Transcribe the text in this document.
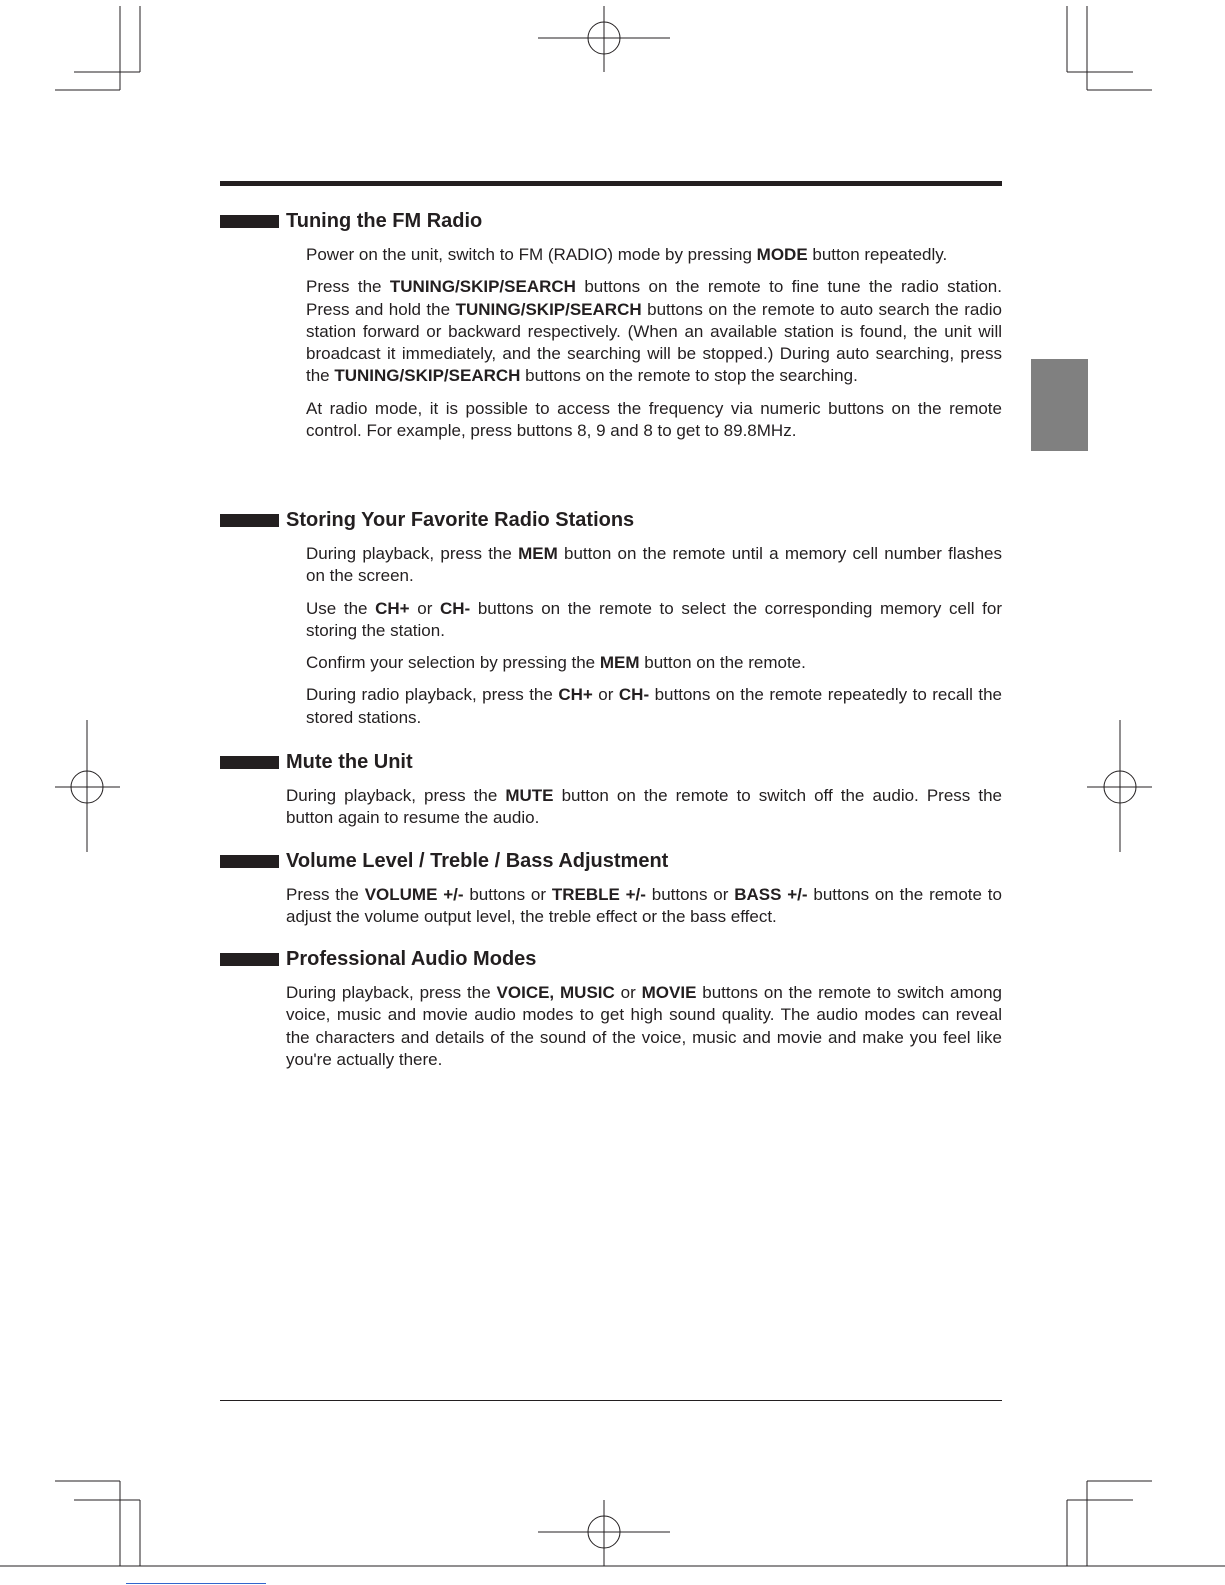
Tuning the FM Radio

Power on the unit, switch to FM (RADIO) mode by pressing MODE button repeatedly.

Press the TUNING/SKIP/SEARCH buttons on the remote to fine tune the radio station. Press and hold the TUNING/SKIP/SEARCH buttons on the remote to auto search the radio station forward or backward respectively. (When an available station is found, the unit will broadcast it immediately, and the searching will be stopped.) During auto searching, press the TUNING/SKIP/SEARCH buttons on the remote to stop the searching.

At radio mode, it is possible to access the frequency via numeric buttons on the remote control. For example, press buttons 8, 9 and 8 to get to 89.8MHz.

Storing Your Favorite Radio Stations

During playback, press the MEM button on the remote until a memory cell number flashes on the screen.

Use the CH+ or CH- buttons on the remote to select the corresponding memory cell for storing the station.

Confirm your selection by pressing the MEM button on the remote.

During radio playback, press the CH+ or CH- buttons on the remote repeatedly to recall the stored stations.

Mute the Unit

During playback, press the MUTE button on the remote to switch off the audio. Press the button again to resume the audio.

Volume Level / Treble / Bass Adjustment

Press the VOLUME +/- buttons or TREBLE +/- buttons or BASS +/- buttons on the remote to adjust the volume output level, the treble effect or the bass effect.

Professional Audio Modes

During playback, press the VOICE, MUSIC or MOVIE buttons on the remote to switch among voice, music and movie audio modes to get high sound quality. The audio modes can reveal the characters and details of the sound of the voice, music and movie and make you feel like you're actually there.
